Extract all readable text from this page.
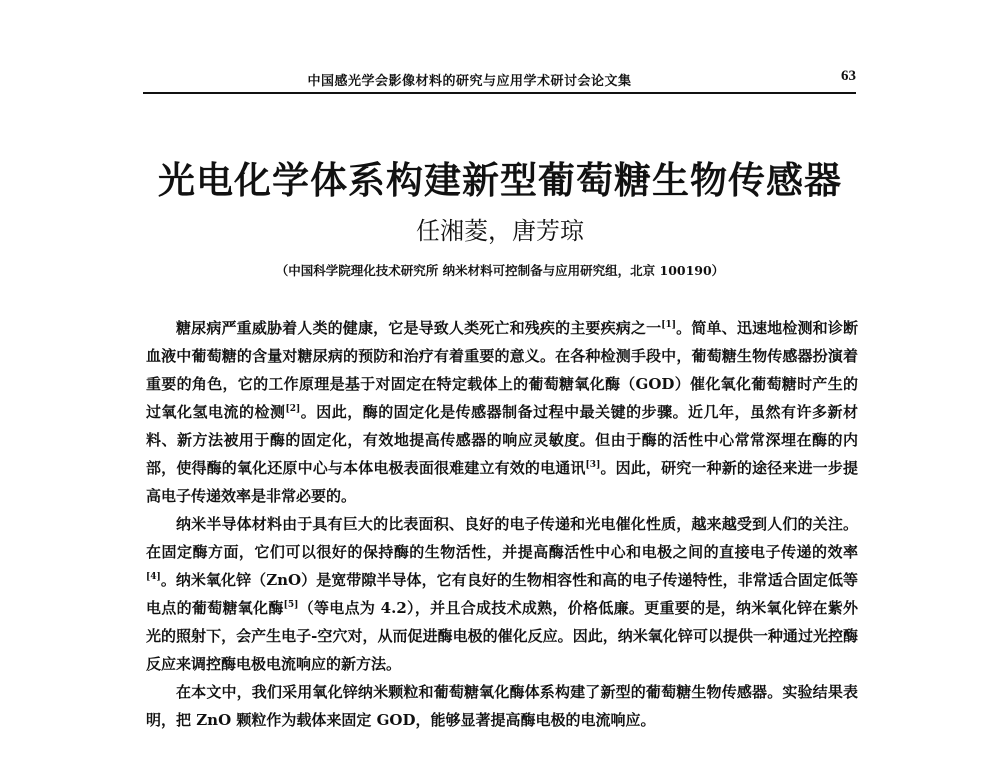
中国感光学会影像材料的研究与应用学术研讨会论文集	63
光电化学体系构建新型葡萄糖生物传感器

任湘菱，唐芳琼

（中国科学院理化技术研究所 纳米材料可控制备与应用研究组，北京 100190）

糖尿病严重威胁着人类的健康，它是导致人类死亡和残疾的主要疾病之一[1]。简单、迅速地检测和诊断血液中葡萄糖的含量对糖尿病的预防和治疗有着重要的意义。在各种检测手段中，葡萄糖生物传感器扮演着重要的角色，它的工作原理是基于对固定在特定载体上的葡萄糖氧化酶（GOD）催化氧化葡萄糖时产生的过氧化氢电流的检测[2]。因此，酶的固定化是传感器制备过程中最关键的步骤。近几年，虽然有许多新材料、新方法被用于酶的固定化，有效地提高传感器的响应灵敏度。但由于酶的活性中心常常深埋在酶的内部，使得酶的氧化还原中心与本体电极表面很难建立有效的电通讯[3]。因此，研究一种新的途径来进一步提高电子传递效率是非常必要的。

纳米半导体材料由于具有巨大的比表面积、良好的电子传递和光电催化性质，越来越受到人们的关注。在固定酶方面，它们可以很好的保持酶的生物活性，并提高酶活性中心和电极之间的直接电子传递的效率[4]。纳米氧化锌（ZnO）是宽带隙半导体，它有良好的生物相容性和高的电子传递特性，非常适合固定低等电点的葡萄糖氧化酶[5]（等电点为 4.2），并且合成技术成熟，价格低廉。更重要的是，纳米氧化锌在紫外光的照射下，会产生电子-空穴对，从而促进酶电极的催化反应。因此，纳米氧化锌可以提供一种通过光控酶反应来调控酶电极电流响应的新方法。

在本文中，我们采用氧化锌纳米颗粒和葡萄糖氧化酶体系构建了新型的葡萄糖生物传感器。实验结果表明，把 ZnO 颗粒作为载体来固定 GOD，能够显著提高酶电极的电流响应。
